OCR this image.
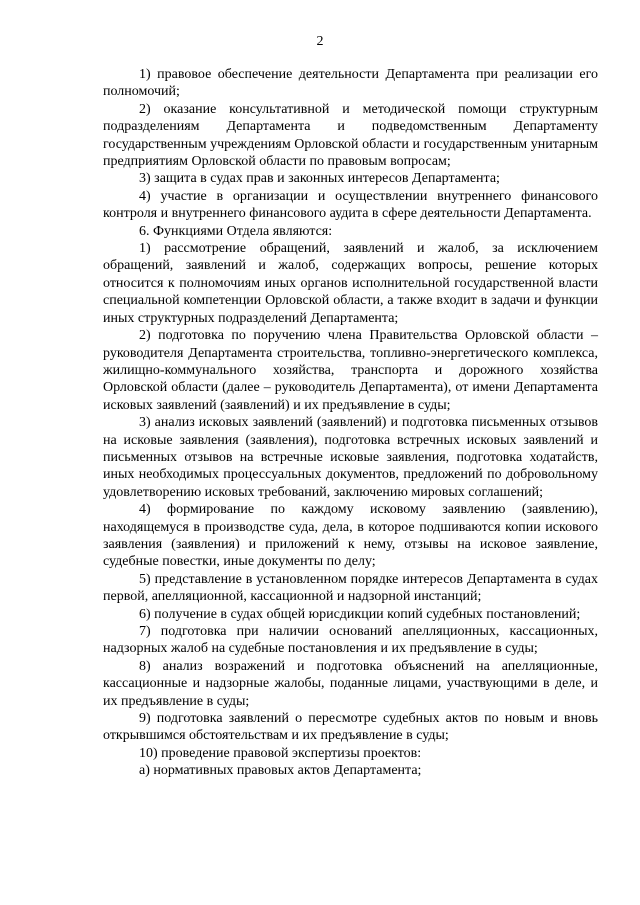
2

1) правовое обеспечение деятельности Департамента при реализации его полномочий;

2) оказание консультативной и методической помощи структурным подразделениям Департамента и подведомственным Департаменту государственным учреждениям Орловской области и государственным унитарным предприятиям Орловской области по правовым вопросам;

3) защита в судах прав и законных интересов Департамента;

4) участие в организации и осуществлении внутреннего финансового контроля и внутреннего финансового аудита в сфере деятельности Департамента.

6. Функциями Отдела являются:

1) рассмотрение обращений, заявлений и жалоб, за исключением обращений, заявлений и жалоб, содержащих вопросы, решение которых относится к полномочиям иных органов исполнительной государственной власти специальной компетенции Орловской области, а также входит в задачи и функции иных структурных подразделений Департамента;

2) подготовка по поручению члена Правительства Орловской области – руководителя Департамента строительства, топливно-энергетического комплекса, жилищно-коммунального хозяйства, транспорта и дорожного хозяйства Орловской области (далее – руководитель Департамента), от имени Департамента исковых заявлений (заявлений) и их предъявление в суды;

3) анализ исковых заявлений (заявлений) и подготовка письменных отзывов на исковые заявления (заявления), подготовка встречных исковых заявлений и письменных отзывов на встречные исковые заявления, подготовка ходатайств, иных необходимых процессуальных документов, предложений по добровольному удовлетворению исковых требований, заключению мировых соглашений;

4) формирование по каждому исковому заявлению (заявлению), находящемуся в производстве суда, дела, в которое подшиваются копии искового заявления (заявления) и приложений к нему, отзывы на исковое заявление, судебные повестки, иные документы по делу;

5) представление в установленном порядке интересов Департамента в судах первой, апелляционной, кассационной и надзорной инстанций;

6) получение в судах общей юрисдикции копий судебных постановлений;

7) подготовка при наличии оснований апелляционных, кассационных, надзорных жалоб на судебные постановления и их предъявление в суды;

8) анализ возражений и подготовка объяснений на апелляционные, кассационные и надзорные жалобы, поданные лицами, участвующими в деле, и их предъявление в суды;

9) подготовка заявлений о пересмотре судебных актов по новым и вновь открывшимся обстоятельствам и их предъявление в суды;

10) проведение правовой экспертизы проектов:

а) нормативных правовых актов Департамента;
